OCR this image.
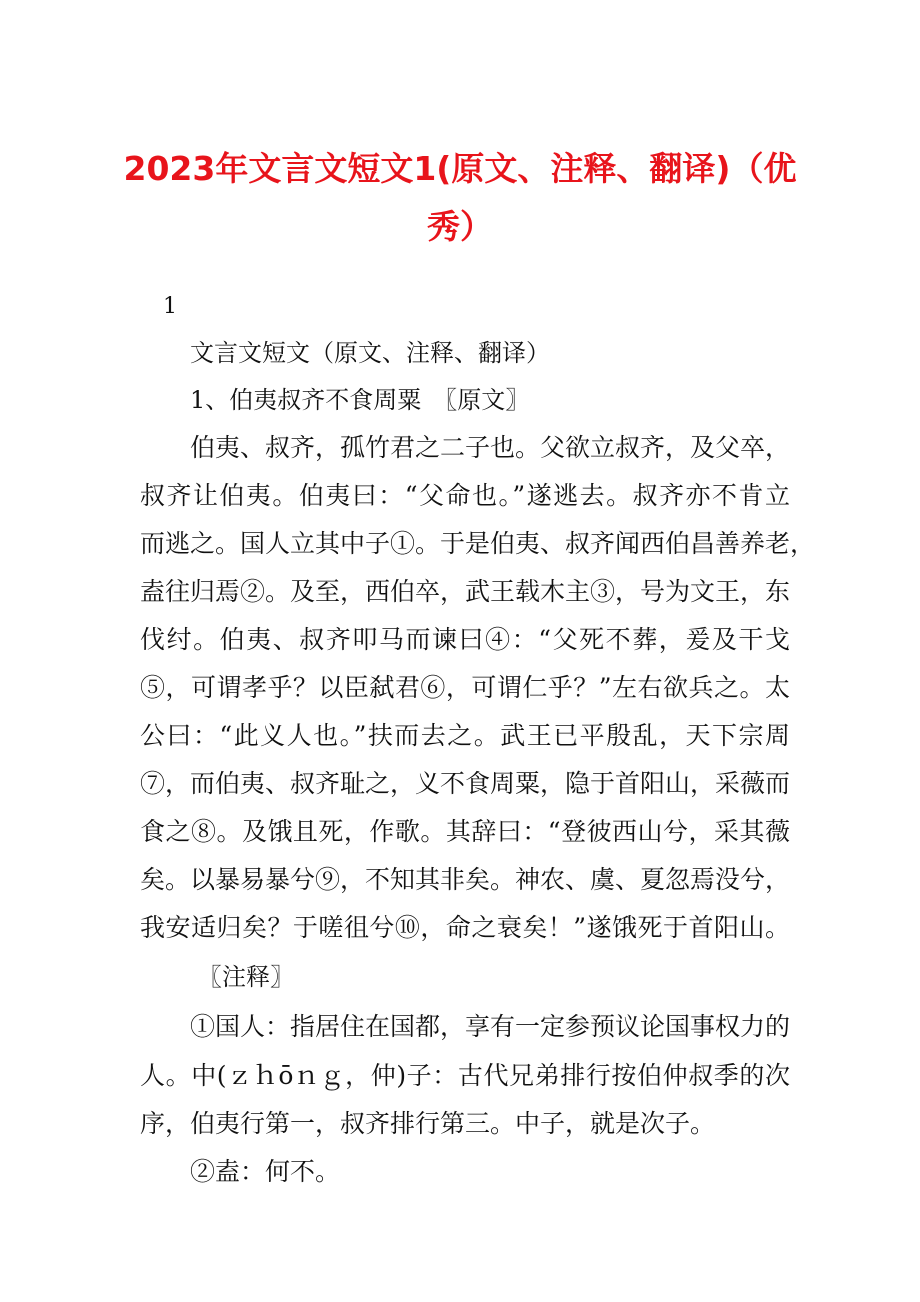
2023年文言文短文1(原文、注释、翻译)（优秀）
1
文言文短文（原文、注释、翻译）
1、伯夷叔齐不食周粟　〖原文〗
伯夷、叔齐，孤竹君之二子也。父欲立叔齐，及父卒，
叔齐让伯夷。伯夷曰：“父命也。”遂逃去。叔齐亦不肯立
而逃之。国人立其中子①。于是伯夷、叔齐闻西伯昌善养老，
盍往归焉②。及至，西伯卒，武王载木主③，号为文王，东
伐纣。伯夷、叔齐叩马而谏曰④：“父死不葬，爰及干戈
⑤，可谓孝乎？以臣弑君⑥，可谓仁乎？”左右欲兵之。太
公曰：“此义人也。”扶而去之。武王已平殷乱，天下宗周
⑦，而伯夷、叔齐耻之，义不食周粟，隐于首阳山，采薇而
食之⑧。及饿且死，作歌。其辞曰：“登彼西山兮，采其薇
矣。以暴易暴兮⑨，不知其非矣。神农、虞、夏忽焉没兮，
我安适归矣？于嗟徂兮⑩，命之衰矣！”遂饿死于首阳山。
〖注释〗
①国人：指居住在国都，享有一定参预议论国事权力的
人。中(ｚｈōｎｇ，仲)子：古代兄弟排行按伯仲叔季的次
序，伯夷行第一，叔齐排行第三。中子，就是次子。
②盍：何不。
